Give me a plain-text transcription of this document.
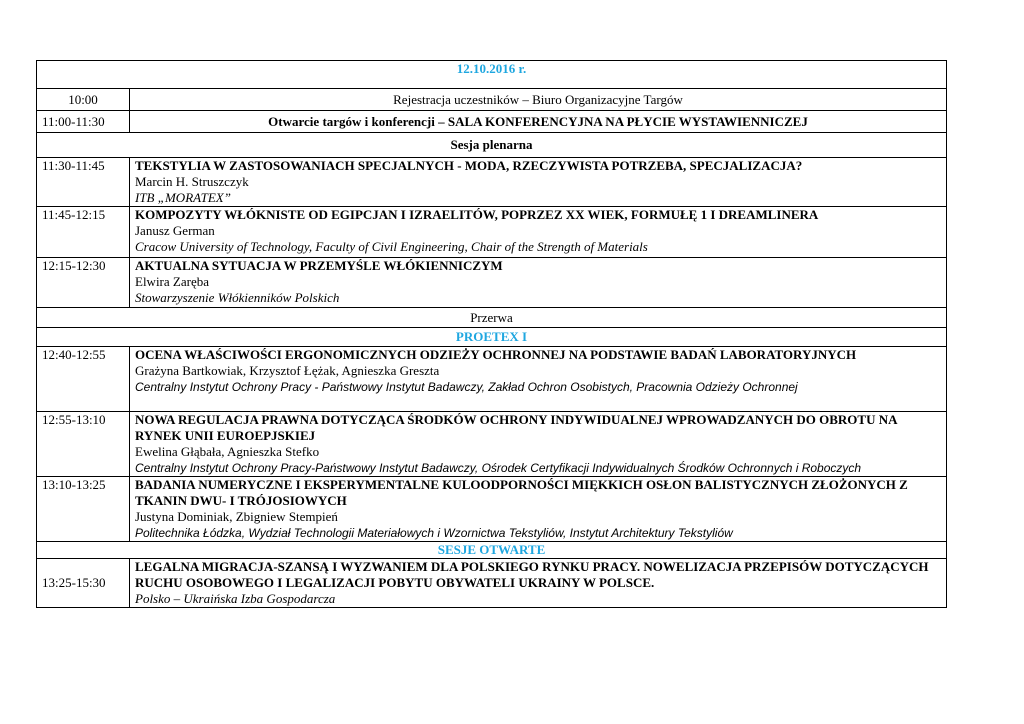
12.10.2016 r.	
10:00	Rejestracja uczestników – Biuro Organizacyjne Targów
11:00-11:30	Otwarcie targów i konferencji – SALA KONFERENCYJNA NA PŁYCIE WYSTAWIENNICZEJ
Sesja plenarna	
11:30-11:45	TEKSTYLIA W ZASTOSOWANIACH SPECJALNYCH - MODA, RZECZYWISTA POTRZEBA, SPECJALIZACJA?
Marcin H. Struszczyk
ITB „MORATEX”

11:45-12:15	KOMPOZYTY WŁÓKNISTE OD EGIPCJAN I IZRAELITÓW, POPRZEZ XX WIEK, FORMUŁĘ 1 I DREAMLINERA
Janusz German
Cracow University of Technology, Faculty of Civil Engineering, Chair of the Strength of Materials

12:15-12:30	AKTUALNA SYTUACJA W PRZEMYŚLE WŁÓKIENNICZYM
Elwira Zaręba
Stowarzyszenie Włókienników Polskich

Przerwa	
PROETEX I	
12:40-12:55	OCENA WŁAŚCIWOŚCI ERGONOMICZNYCH ODZIEŻY OCHRONNEJ NA PODSTAWIE BADAŃ LABORATORYJNYCH
Grażyna Bartkowiak, Krzysztof Łężak, Agnieszka Greszta
Centralny Instytut Ochrony Pracy - Państwowy Instytut Badawczy, Zakład Ochron Osobistych, Pracownia Odzieży Ochronnej

12:55-13:10	NOWA REGULACJA PRAWNA DOTYCZĄCA ŚRODKÓW OCHRONY INDYWIDUALNEJ WPROWADZANYCH DO OBROTU NA RYNEK UNII EUROEPJSKIEJ
Ewelina Głąbała, Agnieszka Stefko
Centralny Instytut Ochrony Pracy-Państwowy Instytut Badawczy, Ośrodek Certyfikacji Indywidualnych Środków Ochronnych i Roboczych

13:10-13:25	BADANIA NUMERYCZNE I EKSPERYMENTALNE KULOODPORNOŚCI MIĘKKICH OSŁON BALISTYCZNYCH ZŁOŻONYCH Z TKANIN DWU- I TRÓJOSIOWYCH
Justyna Dominiak, Zbigniew Stempień
Politechnika Łódzka, Wydział Technologii Materiałowych i Wzornictwa Tekstyliów, Instytut Architektury Tekstyliów

SESJE OTWARTE	
13:25-15:30	LEGALNA MIGRACJA-SZANSĄ I WYZWANIEM DLA POLSKIEGO RYNKU PRACY. NOWELIZACJA PRZEPISÓW DOTYCZĄCYCH RUCHU OSOBOWEGO I LEGALIZACJI POBYTU OBYWATELI UKRAINY W POLSCE.
Polsko – Ukraińska Izba Gospodarcza
